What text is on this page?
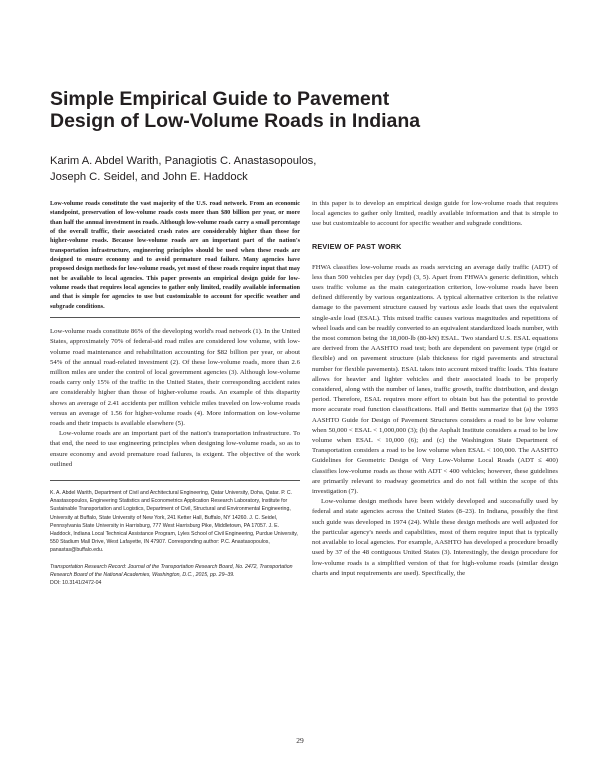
Simple Empirical Guide to Pavement
Design of Low-Volume Roads in Indiana
Karim A. Abdel Warith, Panagiotis C. Anastasopoulos,
Joseph C. Seidel, and John E. Haddock

Low-volume roads constitute the vast majority of the U.S. road network. From an economic standpoint, preservation of low-volume roads costs more than $80 billion per year, or more than half the annual investment in roads. Although low-volume roads carry a small percentage of the overall traffic, their associated crash rates are considerably higher than those for higher-volume roads. Because low-volume roads are an important part of the nation's transportation infrastructure, engineering principles should be used when these roads are designed to ensure economy and to avoid premature road failure. Many agencies have proposed design methods for low-volume roads, yet most of these roads require input that may not be available to local agencies. This paper presents an empirical design guide for low-volume roads that requires local agencies to gather only limited, readily available information and that is simple for agencies to use but customizable to account for specific weather and subgrade conditions.

Low-volume roads constitute 86% of the developing world's road network (1). In the United States, approximately 70% of federal-aid road miles are considered low volume, with low-volume road maintenance and rehabilitation accounting for $82 billion per year, or about 54% of the annual road-related investment (2). Of these low-volume roads, more than 2.6 million miles are under the control of local government agencies (3). Although low-volume roads carry only 15% of the traffic in the United States, their corresponding accident rates are considerably higher than those of higher-volume roads. An example of this disparity shows an average of 2.41 accidents per million vehicle miles traveled on low-volume roads versus an average of 1.56 for higher-volume roads (4). More information on low-volume roads and their impacts is available elsewhere (5).

Low-volume roads are an important part of the nation's transportation infrastructure. To that end, the need to use engineering principles when designing low-volume roads, so as to ensure economy and avoid premature road failures, is exigent. The objective of the work outlined

K. A. Abdel Warith, Department of Civil and Architectural Engineering, Qatar University, Doha, Qatar. P. C. Anastasopoulos, Engineering Statistics and Econometrics Application Research Laboratory, Institute for Sustainable Transportation and Logistics, Department of Civil, Structural and Environmental Engineering, University at Buffalo, State University of New York, 241 Ketter Hall, Buffalo, NY 14260. J. C. Seidel, Pennsylvania State University in Harrisburg, 777 West Harrisburg Pike, Middletown, PA 17057. J. E. Haddock, Indiana Local Technical Assistance Program, Lyles School of Civil Engineering, Purdue University, 550 Stadium Mall Drive, West Lafayette, IN 47907. Corresponding author: P.C. Anastasopoulos, panastas@buffalo.edu.

Transportation Research Record: Journal of the Transportation Research Board, No. 2472, Transportation Research Board of the National Academies, Washington, D.C., 2015, pp. 29–39.

DOI: 10.3141/2472-04

in this paper is to develop an empirical design guide for low-volume roads that requires local agencies to gather only limited, readily available information and that is simple to use but customizable to account for specific weather and subgrade conditions.

REVIEW OF PAST WORK

FHWA classifies low-volume roads as roads servicing an average daily traffic (ADT) of less than 500 vehicles per day (vpd) (3, 5). Apart from FHWA's generic definition, which uses traffic volume as the main categorization criterion, low-volume roads have been defined differently by various organizations. A typical alternative criterion is the relative damage to the pavement structure caused by various axle loads that uses the equivalent single-axle load (ESAL). This mixed traffic causes various magnitudes and repetitions of wheel loads and can be readily converted to an equivalent standardized loads number, with the most common being the 18,000-lb (80-kN) ESAL. Two standard U.S. ESAL equations are derived from the AASHTO road test; both are dependent on pavement type (rigid or flexible) and on pavement structure (slab thickness for rigid pavements and structural number for flexible pavements). ESAL takes into account mixed traffic loads. This feature allows for heavier and lighter vehicles and their associated loads to be properly considered, along with the number of lanes, traffic growth, traffic distribution, and design period. Therefore, ESAL requires more effort to obtain but has the potential to provide more accurate road function classifications. Hall and Bettis summarize that (a) the 1993 AASHTO Guide for Design of Pavement Structures considers a road to be low volume when 50,000 < ESAL < 1,000,000 (3); (b) the Asphalt Institute considers a road to be low volume when ESAL < 10,000 (6); and (c) the Washington State Department of Transportation considers a road to be low volume when ESAL < 100,000. The AASHTO Guidelines for Geometric Design of Very Low-Volume Local Roads (ADT ≤ 400) classifies low-volume roads as those with ADT < 400 vehicles; however, these guidelines are primarily relevant to roadway geometrics and do not fall within the scope of this investigation (7).

Low-volume design methods have been widely developed and successfully used by federal and state agencies across the United States (8–23). In Indiana, possibly the first such guide was developed in 1974 (24). While these design methods are well adjusted for the particular agency's needs and capabilities, most of them require input that is typically not available to local agencies. For example, AASHTO has developed a procedure broadly used by 37 of the 48 contiguous United States (3). Interestingly, the design procedure for low-volume roads is a simplified version of that for high-volume roads (similar design charts and input requirements are used). Specifically, the

29
